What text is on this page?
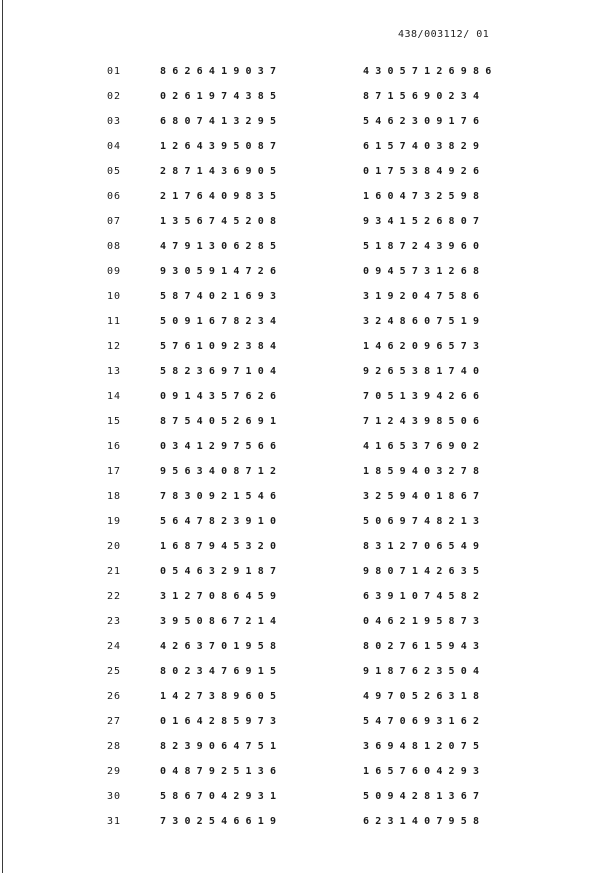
438/003112/ 01
01	8626419037	43057126986
02	0261974385	8715690234
03	6807413295	5462309176
04	1264395087	6157403829
05	2871436905	0175384926
06	2176409835	1604732598
07	1356745208	9341526807
08	4791306285	5187243960
09	9305914726	0945731268
10	5874021693	3192047586
11	5091678234	3248607519
12	5761092384	1462096573
13	5823697104	9265381740
14	0914357626	7051394266
15	8754052691	7124398506
16	0341297566	4165376902
17	9563408712	1859403278
18	7830921546	3259401867
19	5647823910	5069748213
20	1687945320	8312706549
21	0546329187	9807142635
22	3127086459	6391074582
23	3950867214	0462195873
24	4263701958	8027615943
25	8023476915	9187623504
26	1427389605	4970526318
27	0164285973	5470693162
28	8239064751	3694812075
29	0487925136	1657604293
30	5867042931	5094281367
31	7302546619	6231407958
